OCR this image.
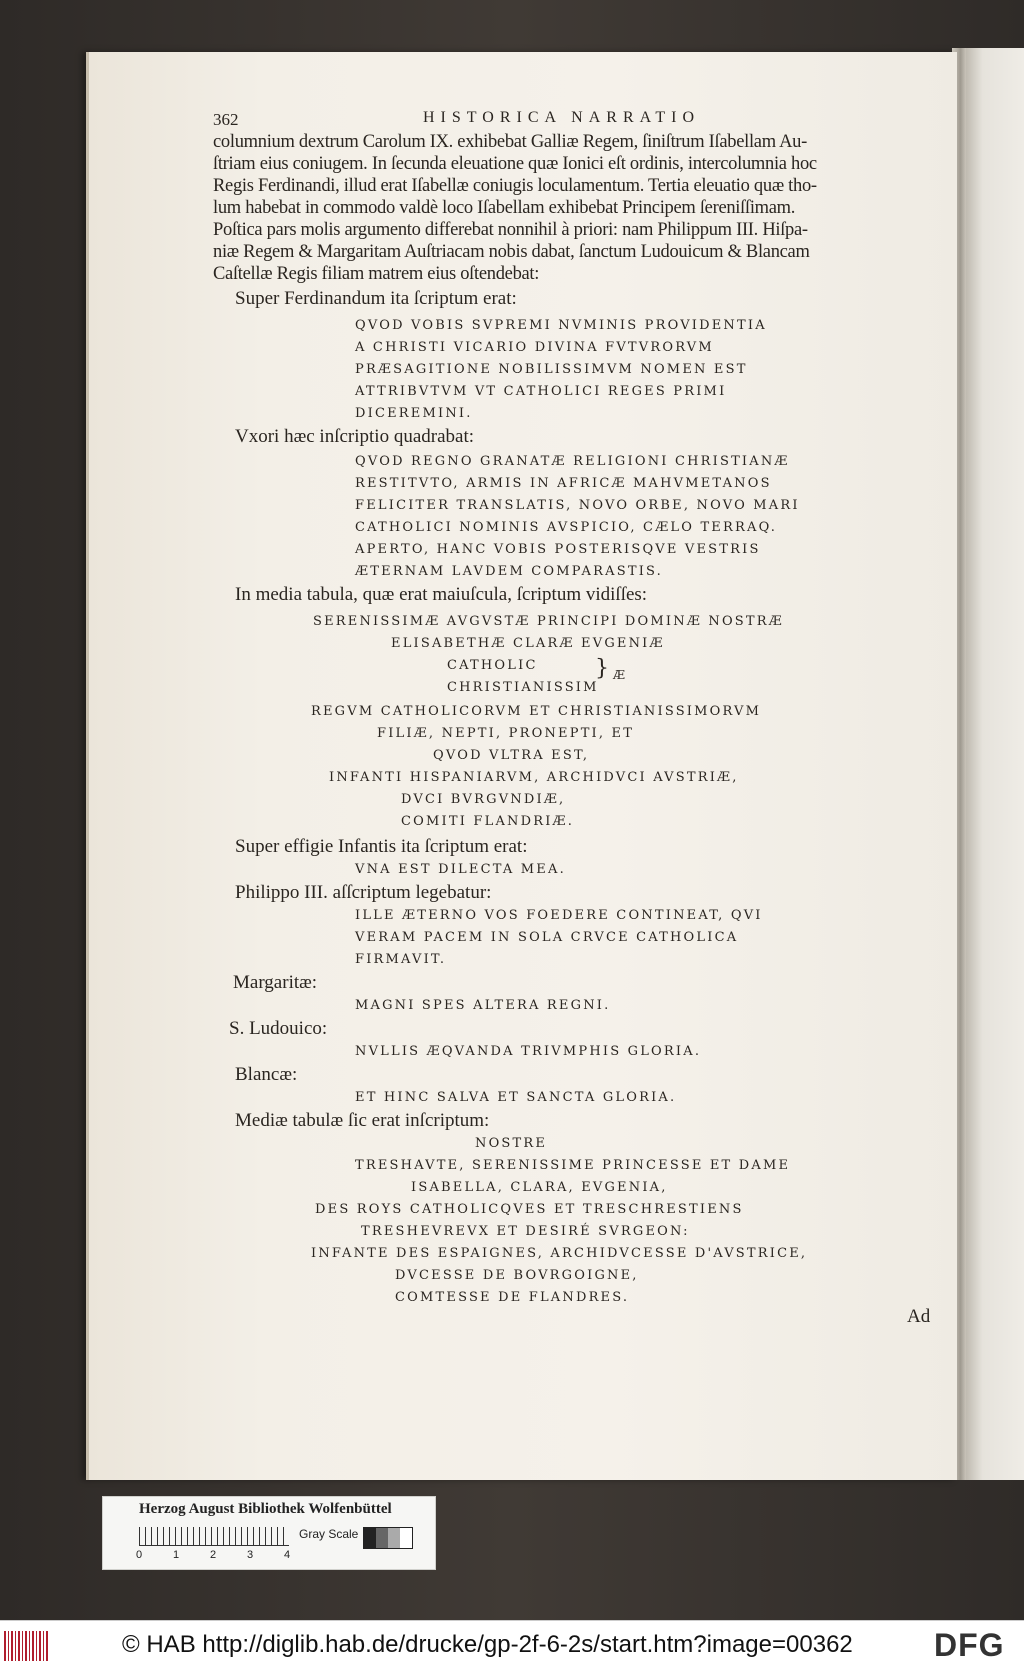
362	HISTORICA NARRATIO
columnium dextrum Carolum IX. exhibebat Galliæ Regem, ſiniſtrum Iſabellam Au-
ſtriam eius coniugem. In ſecunda eleuatione quæ Ionici eſt ordinis, intercolumnia hoc
Regis Ferdinandi, illud erat Iſabellæ coniugis loculamentum. Tertia eleuatio quæ tho-
lum habebat in commodo valdè loco Iſabellam exhibebat Principem ſereniſſimam.
Poſtica pars molis argumento differebat nonnihil à priori: nam Philippum III. Hiſpa-
niæ Regem & Margaritam Auſtriacam nobis dabat, ſanctum Ludouicum & Blancam
Caſtellæ Regis filiam matrem eius oſtendebat:
Super Ferdinandum ita ſcriptum erat:
QVOD VOBIS SVPREMI NVMINIS PROVIDENTIA
A CHRISTI VICARIO DIVINA FVTVRORVM
PRÆSAGITIONE NOBILISSIMVM NOMEN EST
ATTRIBVTVM VT CATHOLICI REGES PRIMI
DICEREMINI.
Vxori hæc inſcriptio quadrabat:
QVOD REGNO GRANATÆ RELIGIONI CHRISTIANÆ
RESTITVTO, ARMIS IN AFRICÆ MAHVMETANOS
FELICITER TRANSLATIS, NOVO ORBE, NOVO MARI
CATHOLICI NOMINIS AVSPICIO, CÆLO TERRAQ.
APERTO, HANC VOBIS POSTERISQVE VESTRIS
ÆTERNAM LAVDEM COMPARASTIS.
In media tabula, quæ erat maiuſcula, ſcriptum vidiſſes:
SERENISSIMÆ AVGVSTÆ PRINCIPI DOMINÆ NOSTRÆ
ELISABETHÆ CLARÆ EVGENIÆ
CATHOLIC
CHRISTIANISSIM
} Æ
REGVM CATHOLICORVM ET CHRISTIANISSIMORVM
FILIÆ, NEPTI, PRONEPTI, ET
QVOD VLTRA EST,
INFANTI HISPANIARVM, ARCHIDVCI AVSTRIÆ,
DVCI BVRGVNDIÆ,
COMITI FLANDRIÆ.
Super effigie Infantis ita ſcriptum erat:
VNA EST DILECTA MEA.
Philippo III. aſſcriptum legebatur:
ILLE ÆTERNO VOS FOEDERE CONTINEAT, QVI
VERAM PACEM IN SOLA CRVCE CATHOLICA
FIRMAVIT.
Margaritæ:
MAGNI SPES ALTERA REGNI.
S. Ludouico:
NVLLIS ÆQVANDA TRIVMPHIS GLORIA.
Blancæ:
ET HINC SALVA ET SANCTA GLORIA.
Mediæ tabulæ ſic erat inſcriptum:
NOSTRE
TRESHAVTE, SERENISSIME PRINCESSE ET DAME
ISABELLA, CLARA, EVGENIA,
DES ROYS CATHOLICQVES ET TRESCHRESTIENS
TRESHEVREVX ET DESIRÉ SVRGEON:
INFANTE DES ESPAIGNES, ARCHIDVCESSE D'AVSTRICE,
DVCESSE DE BOVRGOIGNE,
COMTESSE DE FLANDRES.
Ad
Herzog August Bibliothek Wolfenbüttel
0	1	2	3	4
Gray Scale
© HAB http://diglib.hab.de/drucke/gp-2f-6-2s/start.htm?image=00362	DFG
